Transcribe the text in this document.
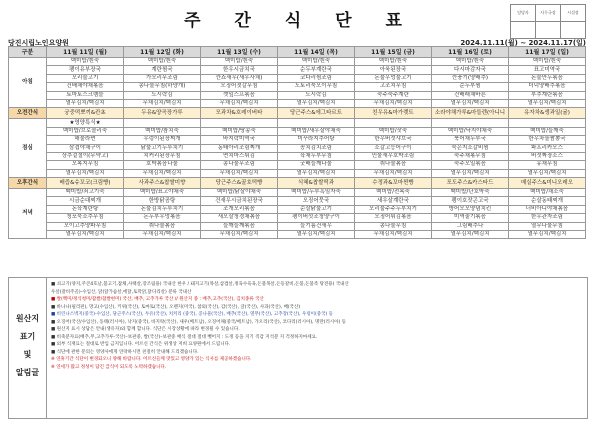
주 간 식 단 표	담당자	사무국장	시설장

당진시립노인요양원	2024.11.11(월) ~ 2024.11.17(일)
구분	11월 11일 (월)	11월 12일 (화)	11월 13일 (수)	11월 14일 (목)	11월 15일 (금)	11월 16일 (토)	11월 17일 (일)
아침	백미밥/흰죽	백미밥/흰죽	백미밥/흰죽	백미밥/흰죽	백미밥/흰죽	백미밥/흰죽	백미밥/흰죽
	팽이유부장국	계란찜국	한우시금치국	순두부계란국	아욱된장국	다시마감자국	표고미역국
	오리불고기	가오리무조림	깐쇼새우(새우사채)	코다리찜조림	돈불우엉불고기	깐풍기(양배추)	돈불만두볶음
	건배채야채볶음	콩나물무침(하양개)	오징어젓갈무침	도토리묵오이무침	고조치무침	순두부찜	더덕양배추볶음
	토마토스크램블	도시락김	깻잎스프볶음	도시락김	숙주숙주계란	건배래채바른	부추계란볶음
	열무김치/백김치	무채김치/백김치	무채김치/백김치	열무김치/백김치	무채김치/백김치	열무김치/백김치	열무김치/백김치
오전간식	궁중떡뽀끼&칸쵸	두유&양곡장가루	모과차&호레이버타	당근주스&에그타르트	친우유&마가렛트	소라야채가루&마들렌(아니니	유자차&생과일(귤)
점심	★영양특식★						
	백미밥/브로콜리죽	백미밥/참치죽	백미밥/땅콩죽	백미밥/새우살야채죽	백미밥/잣죽	백미밥/낙지야채죽	백미밥/들깨죽
	해물라면	우렁이된장찌개	바지락미역국	미꾸라지추어탕	한우버섯샤브국	북어채두부국	한우차돌짬뽕국
	삼겹야채구이	닭불고기두루치기	동태아리조림찌개	꽁치김치조림	소갈고등어구이	묵은지소갈비찜	파프리카오스
	상추겉절이(무약고)	치커리된장무침	면치마스튀김	육채두부무침	민물새우호박조림	숙주채볶무침	버섯짜장소스
	오복지무침	호박볶음나물	콩나물무조림	굿배들깨나물	취나물볶음	숙주오일볶음	유채무침
	열무김치/백김치	무채김치/백김치	무채김치/백김치	열무김치/백김치	무채김치/백김치	열무김치/백김치	열무김치/백김치
오후간식	배즙&슈꼬코(크림빵)	사과주스&찹쌀미향	당근주스&꿀호떡빵	식혜&찹쌀떡과	수정과&꼬마찐빵	포도주스&카스타드	매실주스&미니오레오
저녁	백미밥/쇠고기죽	백미밥/표고야채죽	백미밥/닭살야채죽	백미밥/두부흑임자죽	백미밥/전복죽	백미밥/단호박죽	백미밥/채소죽
	시금순대찌개	한방닭곰탕	건새우시금치된장국	오징어뭇국	새우살계란국	팽이호잣곤고국	순살동태찌개
	돈육계란탕	돈불김치두루치기	조개오리볶음	순살닭불고기	오리불주주두부치기	방어오오양념치킨	너비아니야채볶음
	청포묵소추무침	돈두부우엉볶음	새오살청경채볶음	팽이버섯조청양구이	오징어튀김볶음	미역줄기볶음	한우관자조림
	오이고추양파무침	취나물볶음	들깨들깨볶음	들기름건새우	콩나물무침	그림배추나	열무나물무침
	열무김치/백김치	무채김치/백김치	무채김치/백김치	열무김치/백김치	무채김치/백김치	열무김치/백김치	열무김치/백김치
원산지
표기
및
알림글
■ 쇠고기(양지,주콘4호날,불고기,잡채,사태살,장조림용) 국내산 한우 / 돼지고기(목살,삼겹살,정육수육육,돈불목살,돈등갈비,돈불,돈불족 탕전용) 국내산
우살(갈비주골)-수입산, 닭(닭가슴살,에닭,토막닭,닭다리살) 분류 국내산
■ 쌀(백미/정식청미/찹쌀/찹쌀현미) 국산, 배추, 고추가루 국산 // 원산지 종 : 배추,고추(국산), 김치종류 국산
■ 바나나(필리핀), 망고(수입산), 키위(국산), 토마토(국산), 오렌지(미국), 참외(국산), 감(국산), 귤(국산), 사과(국산), 배(국산)
■ 비린나스벽지(중국)-수입산, 당근주스(국산), 두유(국산), 치커리 (중국), 콩나물(국산), 배추(국산), 열무(국산), 고추장(국산), 우렁이(중국) 등
■ 오징어(국산/수입산), 동태(러시아), 낙지(중국), 바지락(국산), 새우(베트남), 오징어채(중국/베트남), 가오리(국산), 코다리(러시아), 명란(러시아) 등
■ 원산지 표시 상담은 안내(생유자)와 함께 합니다. 식단은 시장상황에 따라 변경될 수 있습니다.
■ 비축분자료(배추,무,고추가루-국산)–보관중, 쌀(국산)–보관중 배식 절대 절대 뺏어지 : 도정 등을 지기 직감 지석분 지 걱정하지마세요.
■ 외부 식재료는 절대로 반입 금지입니다. 어르신 간식은 위생상 저희 요양원에서 드립니다.
■ 식단에 관한 문의는 영양사에게 연락하시면 친절히 안내해 드리겠습니다.
※ 연휴기간 식단이 변경되오니 양해 바랍니다. 어르신들께 맛있고 영양가 있는 식사를 제공하겠습니다.
※ 연세가 많고 정성이 담긴 급식이 되도록 노력하겠습니다.
